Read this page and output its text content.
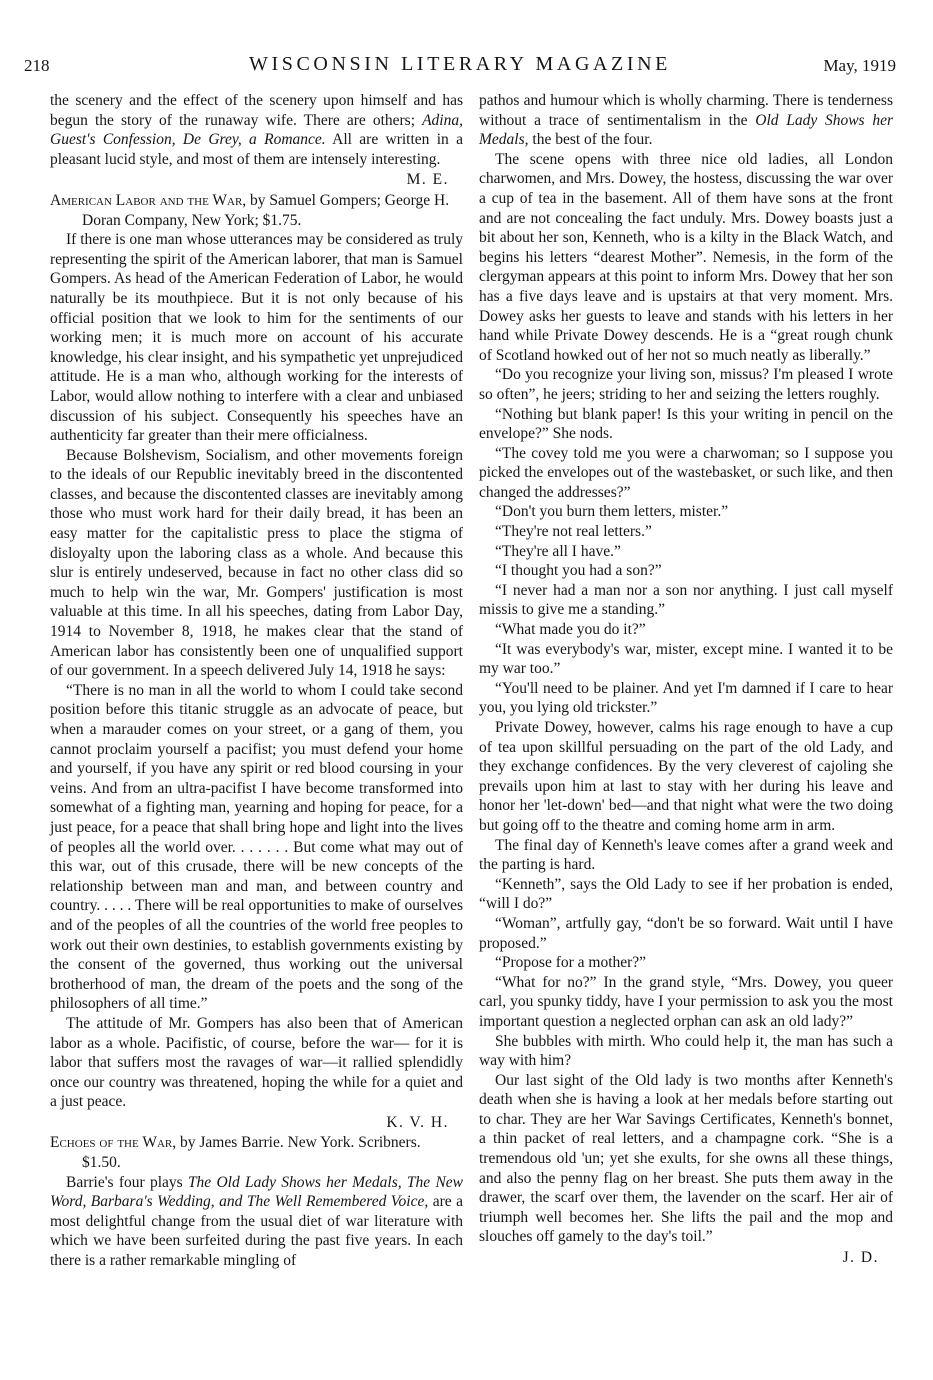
218	WISCONSIN LITERARY MAGAZINE	May, 1919

the scenery and the effect of the scenery upon himself and has begun the story of the runaway wife. There are others; Adina, Guest's Confession, De Grey, a Romance. All are written in a pleasant lucid style, and most of them are intensely interesting.

M. E.

American Labor and the War, by Samuel Gompers; George H. Doran Company, New York; $1.75.

If there is one man whose utterances may be considered as truly representing the spirit of the American laborer, that man is Samuel Gompers. As head of the American Federation of Labor, he would naturally be its mouthpiece. But it is not only because of his official position that we look to him for the sentiments of our working men; it is much more on account of his accurate knowledge, his clear insight, and his sympathetic yet unprejudiced attitude. He is a man who, although working for the interests of Labor, would allow nothing to interfere with a clear and unbiased discussion of his subject. Consequently his speeches have an authenticity far greater than their mere officialness.

Because Bolshevism, Socialism, and other movements foreign to the ideals of our Republic inevitably breed in the discontented classes, and because the discontented classes are inevitably among those who must work hard for their daily bread, it has been an easy matter for the capitalistic press to place the stigma of disloyalty upon the laboring class as a whole. And because this slur is entirely undeserved, because in fact no other class did so much to help win the war, Mr. Gompers' justification is most valuable at this time. In all his speeches, dating from Labor Day, 1914 to November 8, 1918, he makes clear that the stand of American labor has consistently been one of unqualified support of our government. In a speech delivered July 14, 1918 he says:

“There is no man in all the world to whom I could take second position before this titanic struggle as an advocate of peace, but when a marauder comes on your street, or a gang of them, you cannot proclaim yourself a pacifist; you must defend your home and yourself, if you have any spirit or red blood coursing in your veins. And from an ultra-pacifist I have become transformed into somewhat of a fighting man, yearning and hoping for peace, for a just peace, for a peace that shall bring hope and light into the lives of peoples all the world over. . . . . . . But come what may out of this war, out of this crusade, there will be new concepts of the relationship between man and man, and between country and country. . . . . There will be real opportunities to make of ourselves and of the peoples of all the countries of the world free peoples to work out their own destinies, to establish governments existing by the consent of the governed, thus working out the universal brotherhood of man, the dream of the poets and the song of the philosophers of all time.”

The attitude of Mr. Gompers has also been that of American labor as a whole. Pacifistic, of course, before the war— for it is labor that suffers most the ravages of war—it rallied splendidly once our country was threatened, hoping the while for a quiet and a just peace.

K. V. H.

Echoes of the War, by James Barrie. New York. Scribners. $1.50.

Barrie's four plays The Old Lady Shows her Medals, The New Word, Barbara's Wedding, and The Well Remembered Voice, are a most delightful change from the usual diet of war literature with which we have been surfeited during the past five years. In each there is a rather remarkable mingling of

pathos and humour which is wholly charming. There is tenderness without a trace of sentimentalism in the Old Lady Shows her Medals, the best of the four.

The scene opens with three nice old ladies, all London charwomen, and Mrs. Dowey, the hostess, discussing the war over a cup of tea in the basement. All of them have sons at the front and are not concealing the fact unduly. Mrs. Dowey boasts just a bit about her son, Kenneth, who is a kilty in the Black Watch, and begins his letters “dearest Mother”. Nemesis, in the form of the clergyman appears at this point to inform Mrs. Dowey that her son has a five days leave and is upstairs at that very moment. Mrs. Dowey asks her guests to leave and stands with his letters in her hand while Private Dowey descends. He is a “great rough chunk of Scotland howked out of her not so much neatly as liberally.”

“Do you recognize your living son, missus? I'm pleased I wrote so often”, he jeers; striding to her and seizing the letters roughly.

“Nothing but blank paper! Is this your writing in pencil on the envelope?” She nods.

“The covey told me you were a charwoman; so I suppose you picked the envelopes out of the wastebasket, or such like, and then changed the addresses?”

“Don't you burn them letters, mister.”

“They're not real letters.”

“They're all I have.”

“I thought you had a son?”

“I never had a man nor a son nor anything. I just call myself missis to give me a standing.”

“What made you do it?”

“It was everybody's war, mister, except mine. I wanted it to be my war too.”

“You'll need to be plainer. And yet I'm damned if I care to hear you, you lying old trickster.”

Private Dowey, however, calms his rage enough to have a cup of tea upon skillful persuading on the part of the old Lady, and they exchange confidences. By the very cleverest of cajoling she prevails upon him at last to stay with her during his leave and honor her 'let-down' bed—and that night what were the two doing but going off to the theatre and coming home arm in arm.

The final day of Kenneth's leave comes after a grand week and the parting is hard.

“Kenneth”, says the Old Lady to see if her probation is ended, “will I do?”

“Woman”, artfully gay, “don't be so forward. Wait until I have proposed.”

“Propose for a mother?”

“What for no?” In the grand style, “Mrs. Dowey, you queer carl, you spunky tiddy, have I your permission to ask you the most important question a neglected orphan can ask an old lady?”

She bubbles with mirth. Who could help it, the man has such a way with him?

Our last sight of the Old lady is two months after Kenneth's death when she is having a look at her medals before starting out to char. They are her War Savings Certificates, Kenneth's bonnet, a thin packet of real letters, and a champagne cork. “She is a tremendous old 'un; yet she exults, for she owns all these things, and also the penny flag on her breast. She puts them away in the drawer, the scarf over them, the lavender on the scarf. Her air of triumph well becomes her. She lifts the pail and the mop and slouches off gamely to the day's toil.”

J. D.
